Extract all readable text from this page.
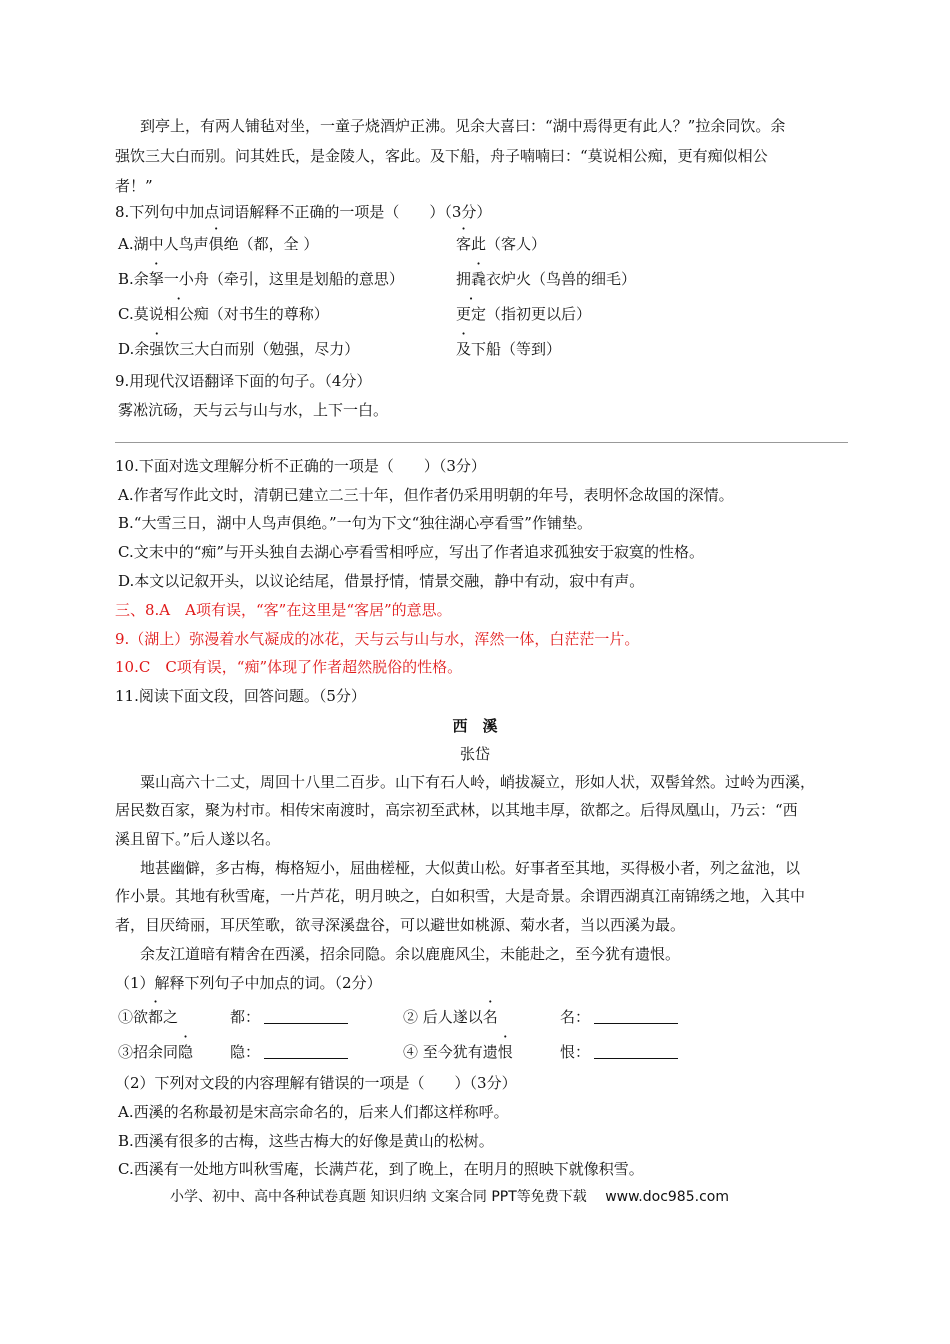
到亭上，有两人铺毡对坐，一童子烧酒炉正沸。见余大喜曰：“湖中焉得更有此人？”拉余同饮。余
强饮三大白而别。问其姓氏，是金陵人，客此。及下船，舟子喃喃曰：“莫说相公痴，更有痴似相公
者！”
8.下列句中加点词语解释不正确的一项是（　　）（3分）
A.湖中人鸟声俱绝（都，全 ）	客此（客人）
B.余拏一小舟（牵引，这里是划船的意思）	拥毳衣炉火（鸟兽的细毛）
C.莫说相公痴（对书生的尊称）	更定（指初更以后）
D.余强饮三大白而别（勉强，尽力）	及下船（等到）
9.用现代汉语翻译下面的句子。（4分）
雾凇沆砀，天与云与山与水，上下一白。
10.下面对选文理解分析不正确的一项是（　　）（3分）
A.作者写作此文时，清朝已建立二三十年，但作者仍采用明朝的年号，表明怀念故国的深情。
B.“大雪三日，湖中人鸟声俱绝。”一句为下文“独往湖心亭看雪”作铺垫。
C.文末中的“痴”与开头独自去湖心亭看雪相呼应，写出了作者追求孤独安于寂寞的性格。
D.本文以记叙开头，以议论结尾，借景抒情，情景交融，静中有动，寂中有声。
三、8.A　A项有误，“客”在这里是“客居”的意思。
9.（湖上）弥漫着水气凝成的冰花，天与云与山与水，浑然一体，白茫茫一片。
10.C　C项有误，“痴”体现了作者超然脱俗的性格。
11.阅读下面文段，回答问题。（5分）
西　溪
张岱
粟山高六十二丈，周回十八里二百步。山下有石人岭，峭拔凝立，形如人状，双髻耸然。过岭为西溪，
居民数百家，聚为村市。相传宋南渡时，高宗初至武林，以其地丰厚，欲都之。后得凤凰山，乃云：“西
溪且留下。”后人遂以名。
地甚幽僻，多古梅，梅格短小，屈曲槎桠，大似黄山松。好事者至其地，买得极小者，列之盆池，以
作小景。其地有秋雪庵，一片芦花，明月映之，白如积雪，大是奇景。余谓西湖真江南锦绣之地，入其中
者，目厌绮丽，耳厌笙歌，欲寻深溪盘谷，可以避世如桃源、菊水者，当以西溪为最。
余友江道暗有精舍在西溪，招余同隐。余以鹿鹿风尘，未能赴之，至今犹有遗恨。
（1）解释下列句子中加点的词。（2分）
①欲都之	都：	② 后人遂以名	名：
③招余同隐 隐：	④ 至今犹有遗恨	恨：
（2）下列对文段的内容理解有错误的一项是（　　）（3分）
A.西溪的名称最初是宋高宗命名的，后来人们都这样称呼。
B.西溪有很多的古梅，这些古梅大的好像是黄山的松树。
C.西溪有一处地方叫秋雪庵，长满芦花，到了晚上，在明月的照映下就像积雪。
小学、初中、高中各种试卷真题 知识归纳 文案合同 PPT等免费下载　 www.doc985.com
